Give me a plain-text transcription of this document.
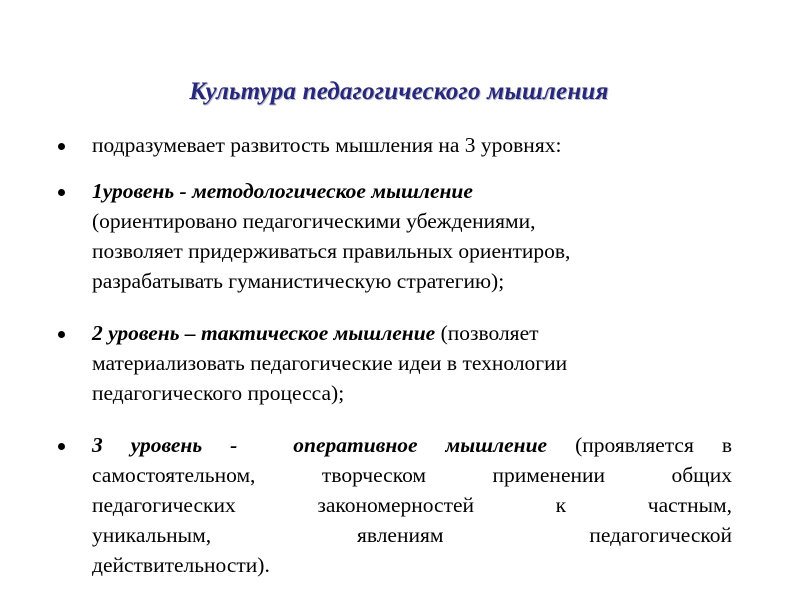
Культура педагогического мышления
подразумевает развитость мышления на 3 уровнях:
1уровень - методологическое мышление
(ориентировано педагогическими убеждениями,
позволяет придерживаться правильных ориентиров,
разрабатывать гуманистическую стратегию);
2 уровень – тактическое мышление (позволяет
материализовать педагогические идеи в технологии
педагогического процесса);
3 уровень -	оперативное мышление (проявляется в
самостоятельном, творческом применении общих
педагогических закономерностей к частным,
уникальным, явлениям педагогической
действительности).
